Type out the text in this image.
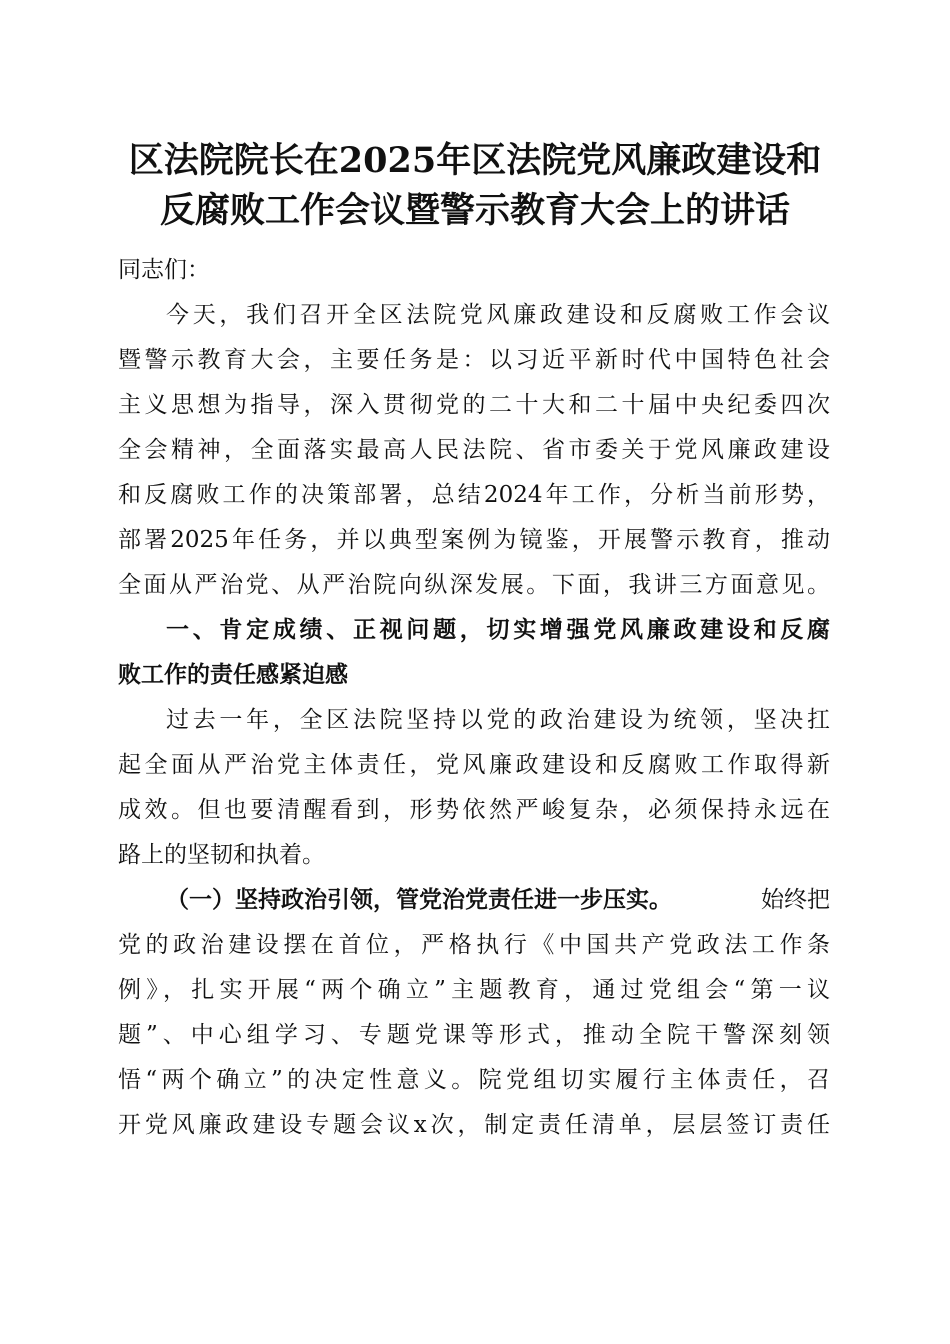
区法院院长在2025年区法院党风廉政建设和
反腐败工作会议暨警示教育大会上的讲话

同志们：

今天，我们召开全区法院党风廉政建设和反腐败工作会议
暨警示教育大会，主要任务是：以习近平新时代中国特色社会
主义思想为指导，深入贯彻党的二十大和二十届中央纪委四次
全会精神，全面落实最高人民法院、省市委关于党风廉政建设
和反腐败工作的决策部署，总结2024年工作，分析当前形势，
部署2025年任务，并以典型案例为镜鉴，开展警示教育，推动
全面从严治党、从严治院向纵深发展。下面，我讲三方面意见。
一、肯定成绩、正视问题，切实增强党风廉政建设和反腐
败工作的责任感紧迫感
过去一年，全区法院坚持以党的政治建设为统领，坚决扛
起全面从严治党主体责任，党风廉政建设和反腐败工作取得新
成效。但也要清醒看到，形势依然严峻复杂，必须保持永远在
路上的坚韧和执着。
（一）坚持政治引领，管党治党责任进一步压实。	始终把
党的政治建设摆在首位，严格执行《中国共产党政法工作条
例》，扎实开展“两个确立”主题教育，通过党组会“第一议
题”、中心组学习、专题党课等形式，推动全院干警深刻领
悟“两个确立”的决定性意义。院党组切实履行主体责任，召
开党风廉政建设专题会议x次，制定责任清单，层层签订责任
